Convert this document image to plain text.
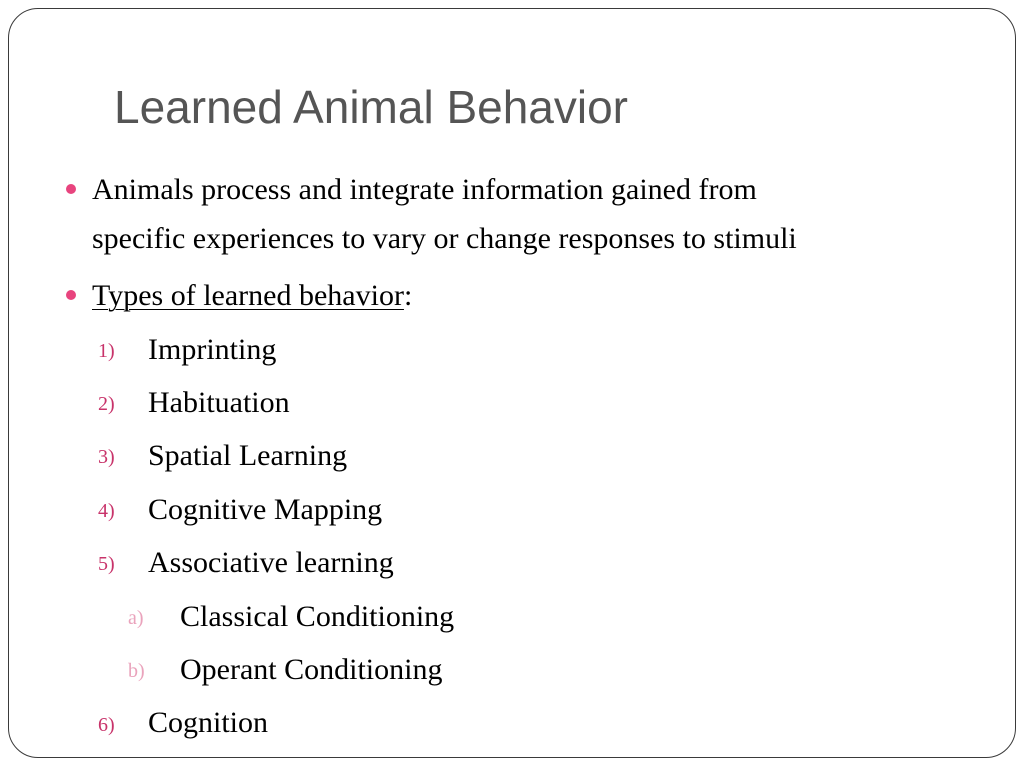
Learned Animal Behavior
Animals process and integrate information gained from
specific experiences to vary or change responses to stimuli
Types of learned behavior:
1) Imprinting
2) Habituation
3) Spatial Learning
4) Cognitive Mapping
5) Associative learning
a) Classical Conditioning
b) Operant Conditioning
6) Cognition
